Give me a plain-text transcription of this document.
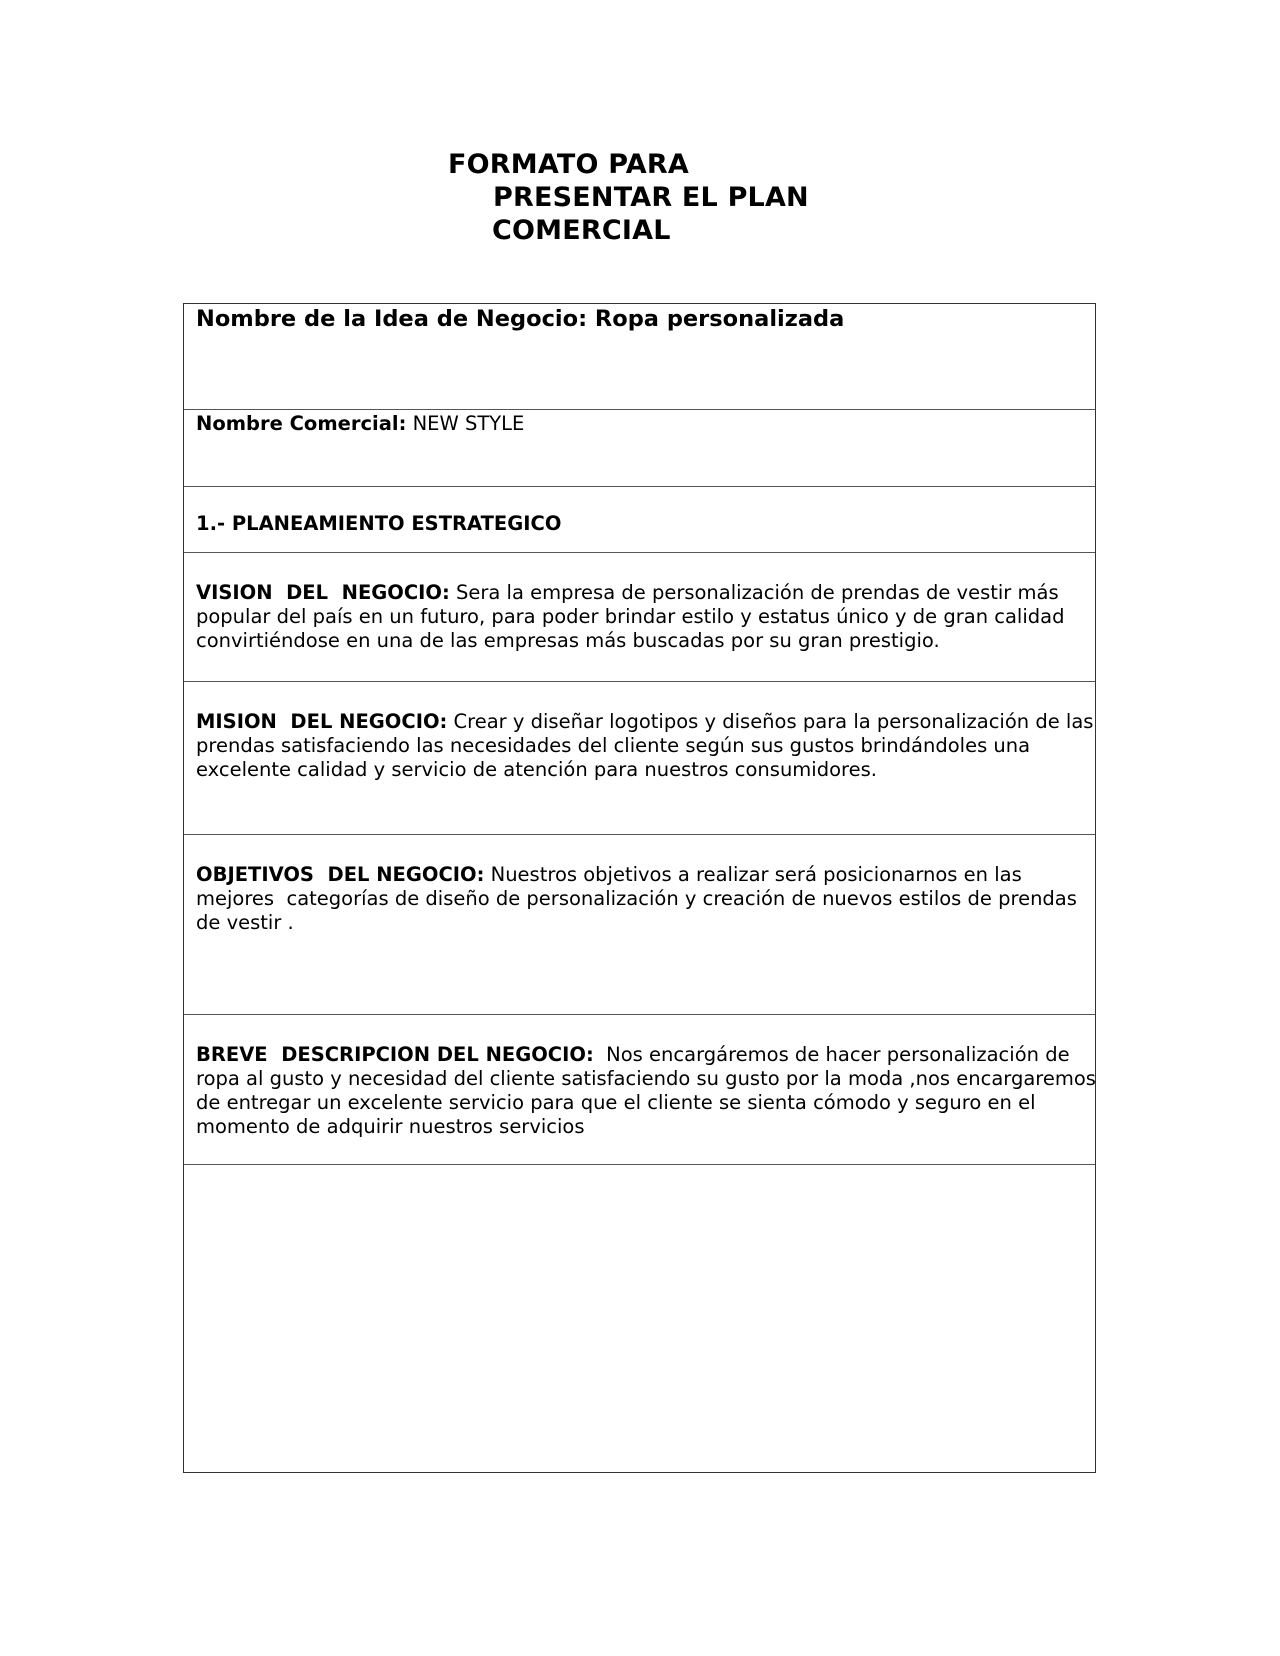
FORMATO PARA
PRESENTAR EL PLAN
COMERCIAL
Nombre de la Idea de Negocio: Ropa personalizada
Nombre Comercial: NEW STYLE
1.- PLANEAMIENTO ESTRATEGICO
VISION  DEL  NEGOCIO: Sera la empresa de personalización de prendas de vestir más popular del país en un futuro, para poder brindar estilo y estatus único y de gran calidad convirtiéndose en una de las empresas más buscadas por su gran prestigio.
MISION  DEL NEGOCIO: Crear y diseñar logotipos y diseños para la personalización de las prendas satisfaciendo las necesidades del cliente según sus gustos brindándoles una excelente calidad y servicio de atención para nuestros consumidores.
OBJETIVOS  DEL NEGOCIO: Nuestros objetivos a realizar será posicionarnos en las mejores  categorías de diseño de personalización y creación de nuevos estilos de prendas de vestir .
BREVE  DESCRIPCION DEL NEGOCIO:  Nos encargáremos de hacer personalización de ropa al gusto y necesidad del cliente satisfaciendo su gusto por la moda ,nos encargaremos de entregar un excelente servicio para que el cliente se sienta cómodo y seguro en el momento de adquirir nuestros servicios
